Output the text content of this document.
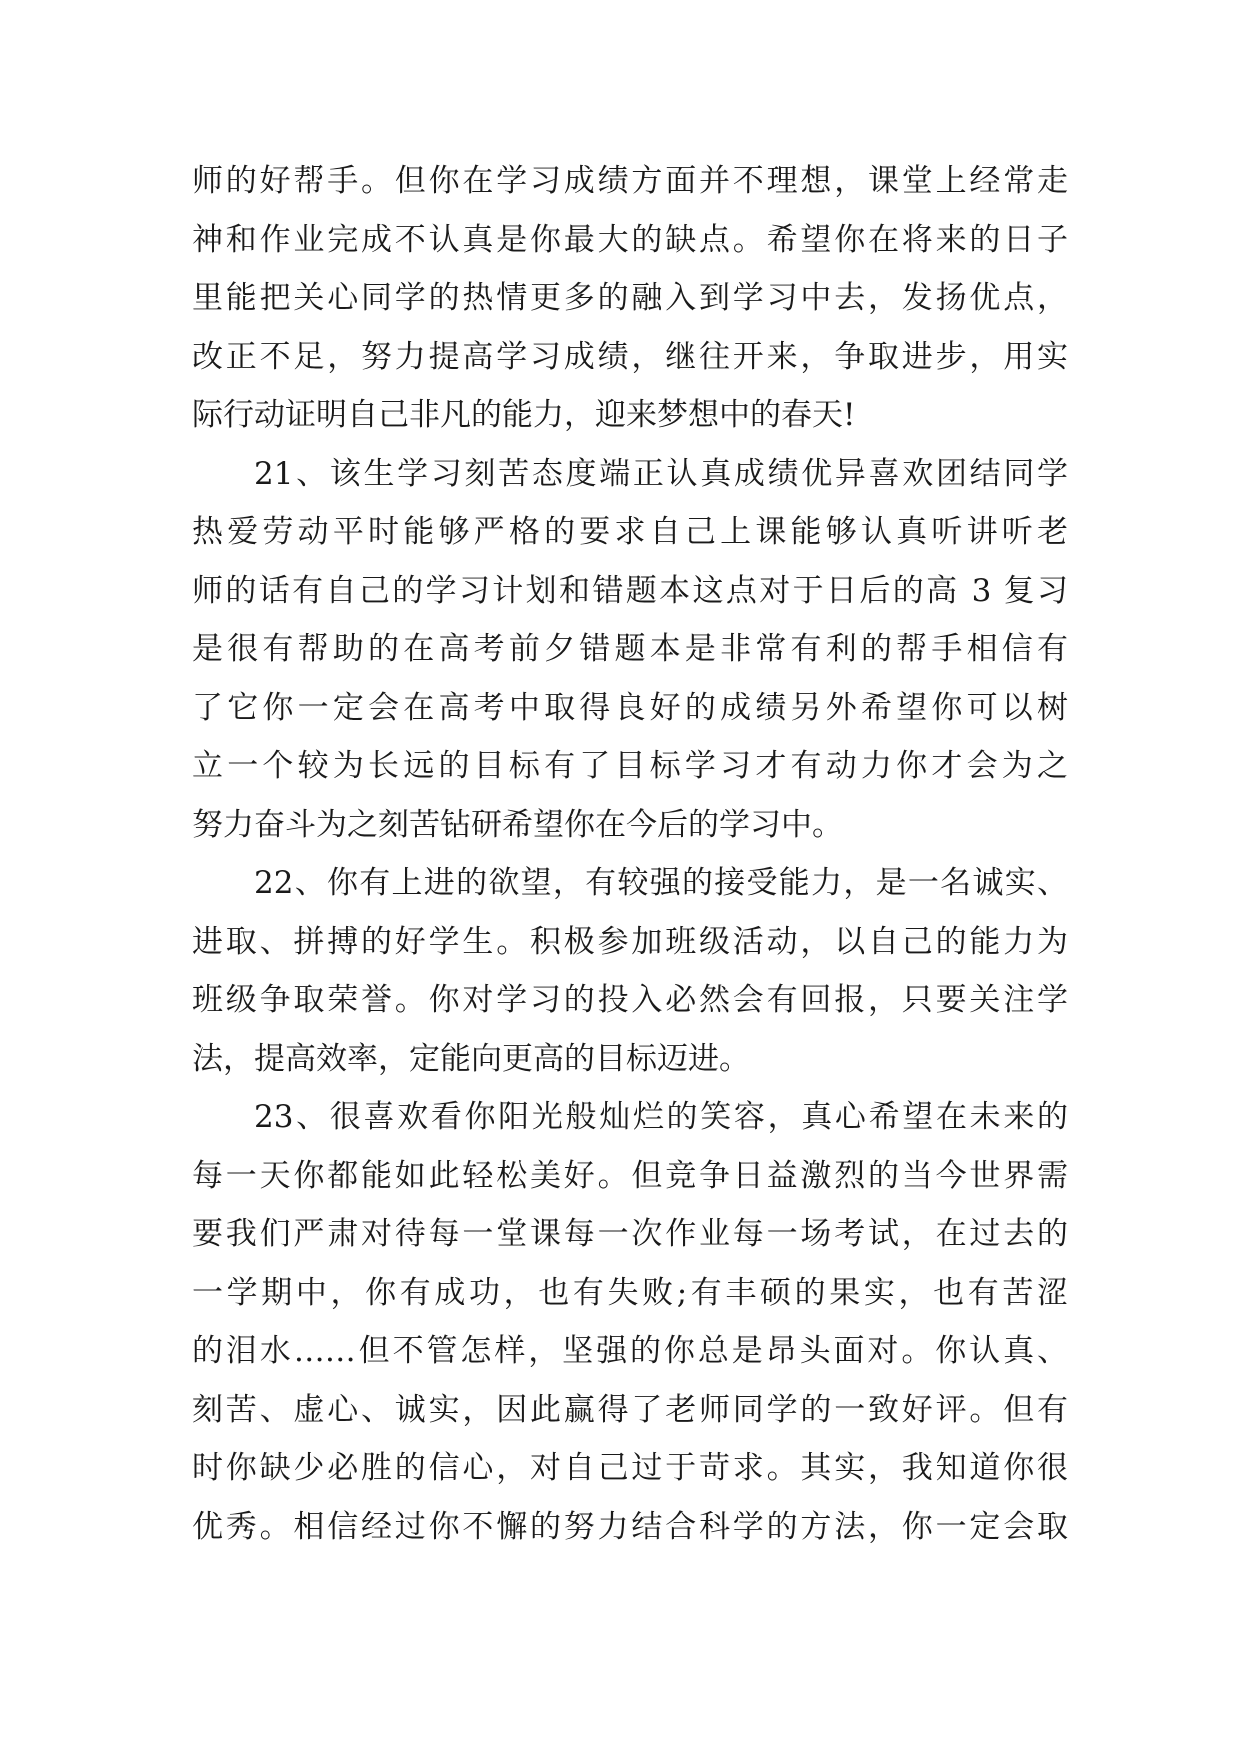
师的好帮手。但你在学习成绩方面并不理想，课堂上经常走
神和作业完成不认真是你最大的缺点。希望你在将来的日子
里能把关心同学的热情更多的融入到学习中去，发扬优点，
改正不足，努力提高学习成绩，继往开来，争取进步，用实
际行动证明自己非凡的能力，迎来梦想中的春天!
21、该生学习刻苦态度端正认真成绩优异喜欢团结同学
热爱劳动平时能够严格的要求自己上课能够认真听讲听老
师的话有自己的学习计划和错题本这点对于日后的高 3 复习
是很有帮助的在高考前夕错题本是非常有利的帮手相信有
了它你一定会在高考中取得良好的成绩另外希望你可以树
立一个较为长远的目标有了目标学习才有动力你才会为之
努力奋斗为之刻苦钻研希望你在今后的学习中。
22、你有上进的欲望，有较强的接受能力，是一名诚实、
进取、拼搏的好学生。积极参加班级活动，以自己的能力为
班级争取荣誉。你对学习的投入必然会有回报，只要关注学
法，提高效率，定能向更高的目标迈进。
23、很喜欢看你阳光般灿烂的笑容，真心希望在未来的
每一天你都能如此轻松美好。但竞争日益激烈的当今世界需
要我们严肃对待每一堂课每一次作业每一场考试，在过去的
一学期中，你有成功，也有失败;有丰硕的果实，也有苦涩
的泪水……但不管怎样，坚强的你总是昂头面对。你认真、
刻苦、虚心、诚实，因此赢得了老师同学的一致好评。但有
时你缺少必胜的信心，对自己过于苛求。其实，我知道你很
优秀。相信经过你不懈的努力结合科学的方法，你一定会取
